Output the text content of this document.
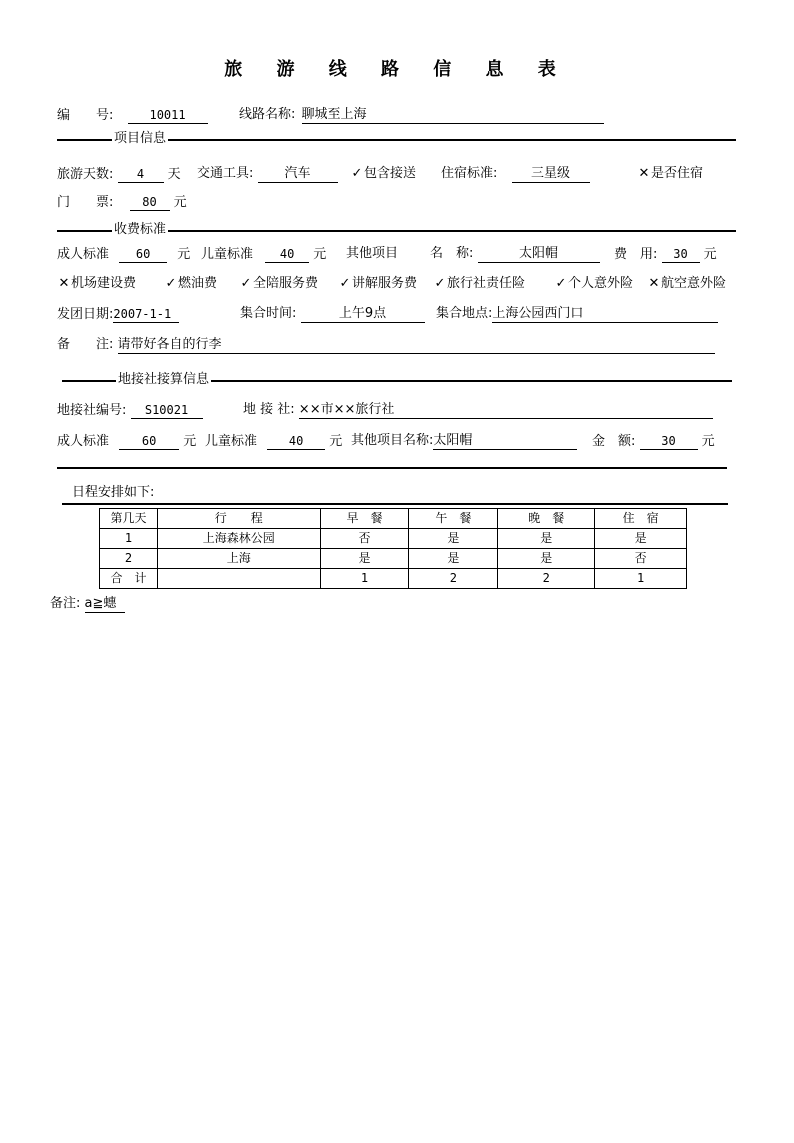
旅 游 线 路 信 息 表
编　　号:	10011	线路名称: 聊城至上海
项目信息
旅游天数: 4 天 交通工具: 汽车	✓ 包含接送 住宿标准:	三星级	✕ 是否住宿
门　　票: 80 元
收费标准
成人标准 60 元 儿童标准 40 元 其他项目 名　称:	太阳帽	费　用: 30 元
✕ 机场建设费 ✓ 燃油费 ✓ 全陪服务费 ✓ 讲解服务费 ✓ 旅行社责任险 ✓ 个人意外险 ✕ 航空意外险
发团日期:2007-1-1	集合时间:	上午9点	集合地点:上海公园西门口
备　　注: 请带好各自的行李
地接社接算信息
地接社编号: S10021	地 接 社: ××市××旅行社
成人标准	60 元 儿童标准	40 元 其他项目名称:太阳帽	金　额: 30 元
日程安排如下:
第几天	行　　程	早　餐	午　餐	晚　餐	住　宿
1	上海森林公园	否	是	是	是
2	上海	是	是	是	否
合　计		1	2	2	1
备注: a≧蟪
